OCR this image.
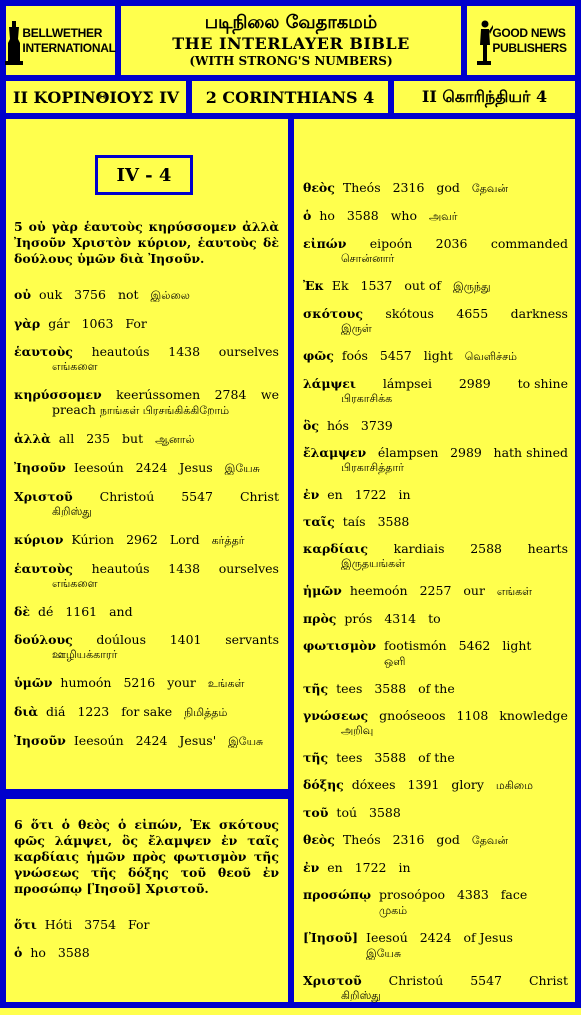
BELLWETHER
INTERNATIONAL
படிநிலை வேதாகமம்
THE INTERLAYER BIBLE
(WITH STRONG'S NUMBERS)
GOOD NEWS
PUBLISHERS
II ΚΟΡΙΝΘΙΟΥΣ IV	2 CORINTHIANS 4	II கொரிந்தியர் 4
IV - 4
5 οὐ γὰρ ἑαυτοὺς κηρύσσομεν ἀλλὰ Ἰησοῦν Χριστὸν κύριον, ἑαυτοὺς δὲ δούλους ὑμῶν διὰ Ἰησοῦν.
οὐ ouk 3756 not இல்லை
γὰρ gár 1063 For
ἑαυτοὺς heautoús 1438 ourselves
எங்களை
κηρύσσομεν keerússomen 2784 we
preach நாங்கள் பிரசங்கிக்கிறோம்
ἀλλὰ all 235 but ஆனால்
Ἰησοῦν Ieesoún 2424 Jesus இயேசு
Χριστοῦ Christoú 5547 Christ
கிறிஸ்து
κύριον Kúrion 2962 Lord கர்த்தர்
ἑαυτοὺς heautoús 1438 ourselves
எங்களை
δὲ dé 1161 and
δούλους doúlous 1401 servants
ஊழியக்காரர்
ὑμῶν humoón 5216 your உங்கள்
διὰ diá 1223 for sake நிமித்தம்
Ἰησοῦν Ieesoún 2424 Jesus' இயேசு
6 ὅτι ὁ θεὸς ὁ εἰπών, Ἐκ σκότους φῶς λάμψει, ὃς ἔλαμψεν ἐν ταῖς καρδίαις ἡμῶν πρὸς φωτισμὸν τῆς γνώσεως τῆς δόξης τοῦ θεοῦ ἐν προσώπῳ [Ἰησοῦ] Χριστοῦ.
ὅτι Hóti 3754 For
ὁ ho 3588
θεὸς Theós 2316 god தேவன்
ὁ ho 3588 who அவர்
εἰπών eipoón 2036 commanded
சொன்னார்
Ἐκ Ek 1537 out of இருந்து
σκότους skótous 4655 darkness
இருள்
φῶς foós 5457 light வெளிச்சம்
λάμψει lámpsei 2989 to shine
பிரகாசிக்க
ὃς hós 3739
ἔλαμψεν élampsen 2989 hath shined
பிரகாசித்தார்
ἐν en 1722 in
ταῖς taís 3588
καρδίαις kardiais 2588 hearts
இருதயங்கள்
ἡμῶν heemoón 2257 our எங்கள்
πρὸς prós 4314 to
φωτισμὸν footismón 5462 light ஒளி
τῆς tees 3588 of the
γνώσεως gnoóseoos 1108 knowledge
அறிவு
τῆς tees 3588 of the
δόξης dóxees 1391 glory மகிமை
τοῦ toú 3588
θεὸς Theós 2316 god தேவன்
ἐν en 1722 in
προσώπῳ prosoópoo 4383 face முகம்
[Ἰησοῦ] Ieesoú 2424 of Jesus இயேசு
Χριστοῦ Christoú 5547 Christ
கிறிஸ்து
